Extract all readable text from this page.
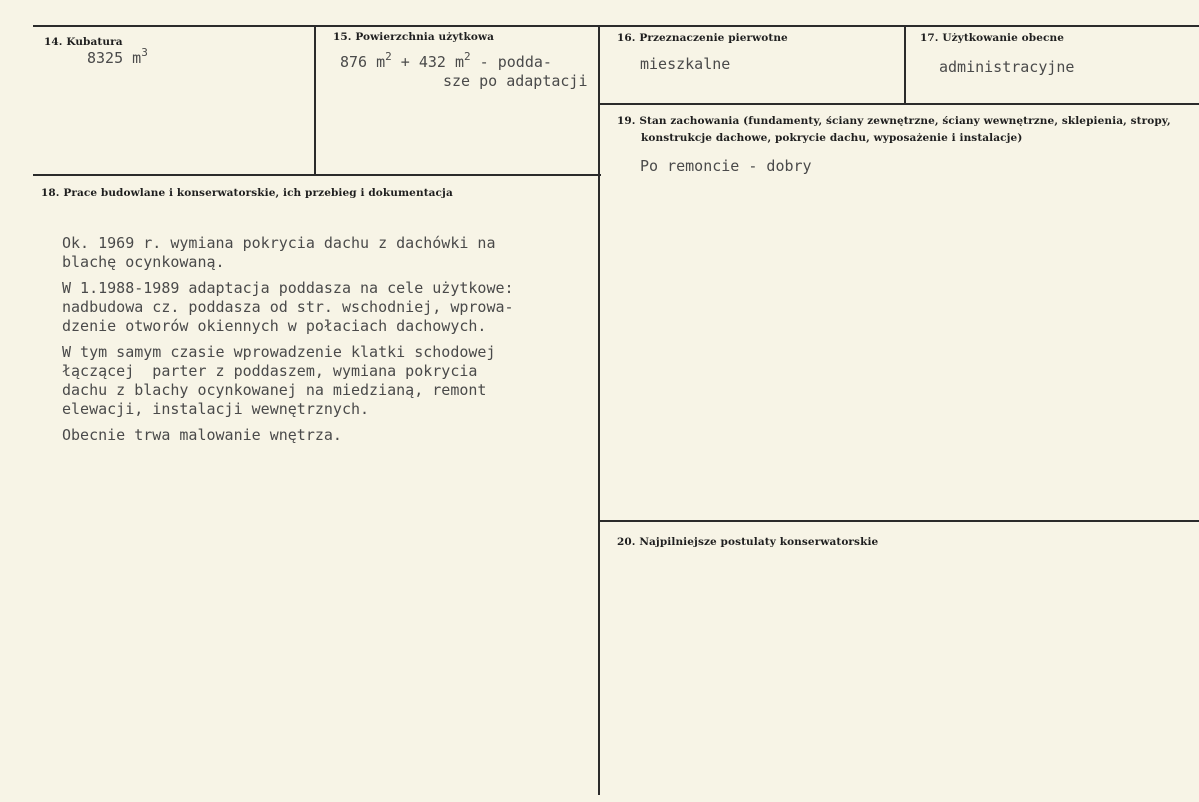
14. Kubatura
8325 $m^3$
15. Powierzchnia użytkowa
876 $m^2 + 432$ $m^2$ - podda-
sze po adaptacji
16. Przeznaczenie pierwotne
mieszkalne
17. Użytkowanie obecne
administracyjne
18. Prace budowlane i konserwatorskie, ich przebieg i dokumentacja

Ok. 1969 r. wymiana pokrycia dachu z dachówki na
blachę ocynkowaną.
W 1.1988-1989 adaptacja poddasza na cele użytkowe:
nadbudowa cz. poddasza od str. wschodniej, wprowa-
dzenie otworów okiennych w połaciach dachowych.
W tym samym czasie wprowadzenie klatki schodowej
łączącej  parter z poddaszem, wymiana pokrycia
dachu z blachy ocynkowanej na miedzianą, remont
elewacji, instalacji wewnętrznych.
Obecnie trwa malowanie wnętrza.

19. Stan zachowania (fundamenty, ściany zewnętrzne, ściany wewnętrzne, sklepienia, stropy,
konstrukcje dachowe, pokrycie dachu, wyposażenie i instalacje)
Po remoncie - dobry
20. Najpilniejsze postulaty konserwatorskie
